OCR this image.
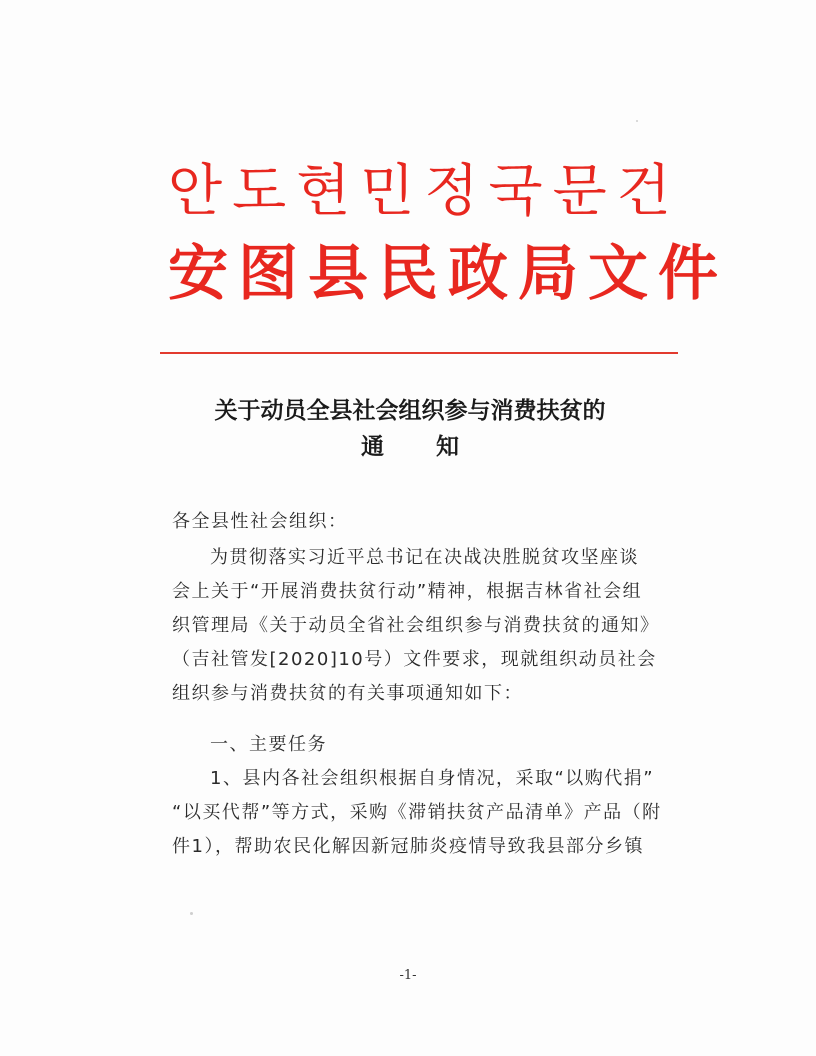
안도현민정국문건
安图县民政局文件
关于动员全县社会组织参与消费扶贫的
通知
各全县性社会组织：
为贯彻落实习近平总书记在决战决胜脱贫攻坚座谈
会上关于“开展消费扶贫行动”精神，根据吉林省社会组
织管理局《关于动员全省社会组织参与消费扶贫的通知》
（吉社管发[2020]10号）文件要求，现就组织动员社会
组织参与消费扶贫的有关事项通知如下：
一、主要任务
1、县内各社会组织根据自身情况，采取“以购代捐”
“以买代帮”等方式，采购《滞销扶贫产品清单》产品（附
件1），帮助农民化解因新冠肺炎疫情导致我县部分乡镇
-1-
